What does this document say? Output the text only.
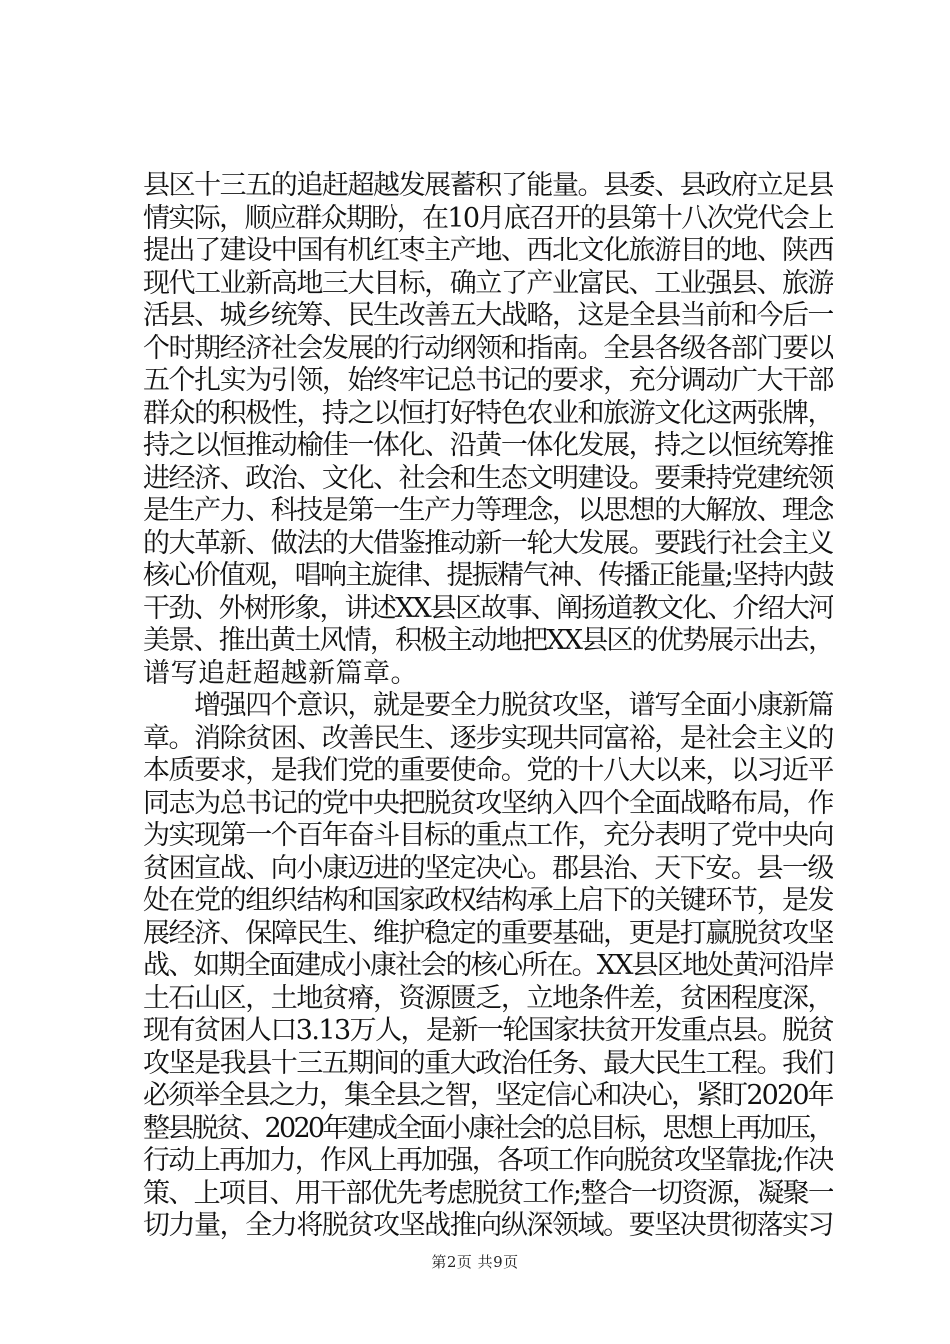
县区十三五的追赶超越发展蓄积了能量。县委、县政府立足县
情实际，顺应群众期盼，在10月底召开的县第十八次党代会上
提出了建设中国有机红枣主产地、西北文化旅游目的地、陕西
现代工业新高地三大目标，确立了产业富民、工业强县、旅游
活县、城乡统筹、民生改善五大战略，这是全县当前和今后一
个时期经济社会发展的行动纲领和指南。全县各级各部门要以
五个扎实为引领，始终牢记总书记的要求，充分调动广大干部
群众的积极性，持之以恒打好特色农业和旅游文化这两张牌，
持之以恒推动榆佳一体化、沿黄一体化发展，持之以恒统筹推
进经济、政治、文化、社会和生态文明建设。要秉持党建统领
是生产力、科技是第一生产力等理念，以思想的大解放、理念
的大革新、做法的大借鉴推动新一轮大发展。要践行社会主义
核心价值观，唱响主旋律、提振精气神、传播正能量;坚持内鼓
干劲、外树形象，讲述XX县区故事、阐扬道教文化、介绍大河
美景、推出黄土风情，积极主动地把XX县区的优势展示出去，
谱写追赶超越新篇章。
　　增强四个意识，就是要全力脱贫攻坚，谱写全面小康新篇
章。消除贫困、改善民生、逐步实现共同富裕，是社会主义的
本质要求，是我们党的重要使命。党的十八大以来，以习近平
同志为总书记的党中央把脱贫攻坚纳入四个全面战略布局，作
为实现第一个百年奋斗目标的重点工作，充分表明了党中央向
贫困宣战、向小康迈进的坚定决心。郡县治、天下安。县一级
处在党的组织结构和国家政权结构承上启下的关键环节，是发
展经济、保障民生、维护稳定的重要基础，更是打赢脱贫攻坚
战、如期全面建成小康社会的核心所在。XX县区地处黄河沿岸
土石山区，土地贫瘠，资源匮乏，立地条件差，贫困程度深，
现有贫困人口3.13万人，是新一轮国家扶贫开发重点县。脱贫
攻坚是我县十三五期间的重大政治任务、最大民生工程。我们
必须举全县之力，集全县之智，坚定信心和决心，紧盯2020年
整县脱贫、2020年建成全面小康社会的总目标，思想上再加压，
行动上再加力，作风上再加强，各项工作向脱贫攻坚靠拢;作决
策、上项目、用干部优先考虑脱贫工作;整合一切资源，凝聚一
切力量，全力将脱贫攻坚战推向纵深领域。要坚决贯彻落实习
第2页 共9页
